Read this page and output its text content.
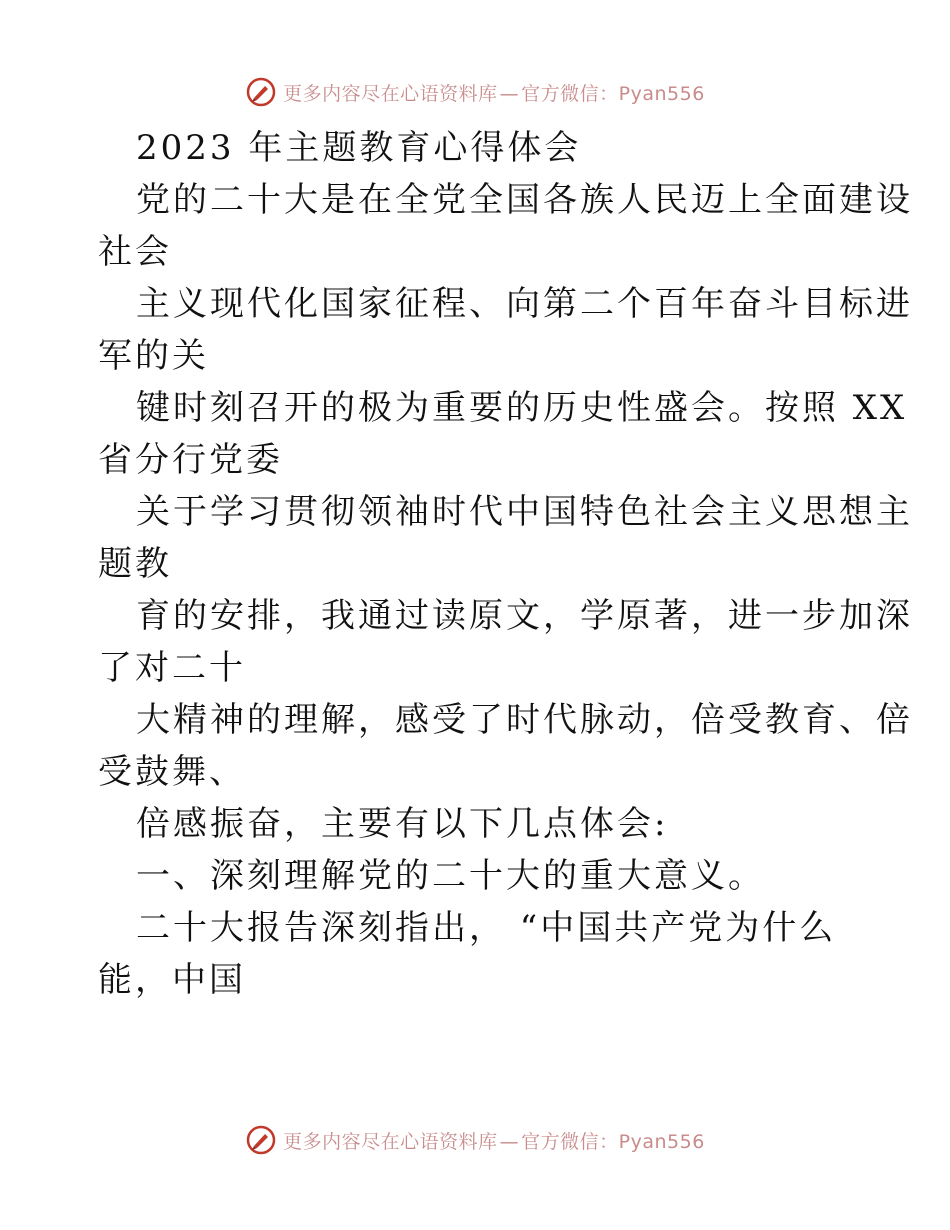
更多内容尽在心语资料库 — 官方微信：Pyan556
2023 年主题教育心得体会
党的二十大是在全党全国各族人民迈上全面建设
社会
主义现代化国家征程、向第二个百年奋斗目标进
军的关
键时刻召开的极为重要的历史性盛会。按照 XX
省分行党委
关于学习贯彻领袖时代中国特色社会主义思想主
题教
育的安排，我通过读原文，学原著，进一步加深
了对二十
大精神的理解，感受了时代脉动，倍受教育、倍
受鼓舞、
倍感振奋，主要有以下几点体会:
一、深刻理解党的二十大的重大意义。
二十大报告深刻指出， “中国共产党为什么
能，中国
更多内容尽在心语资料库 — 官方微信：Pyan556
